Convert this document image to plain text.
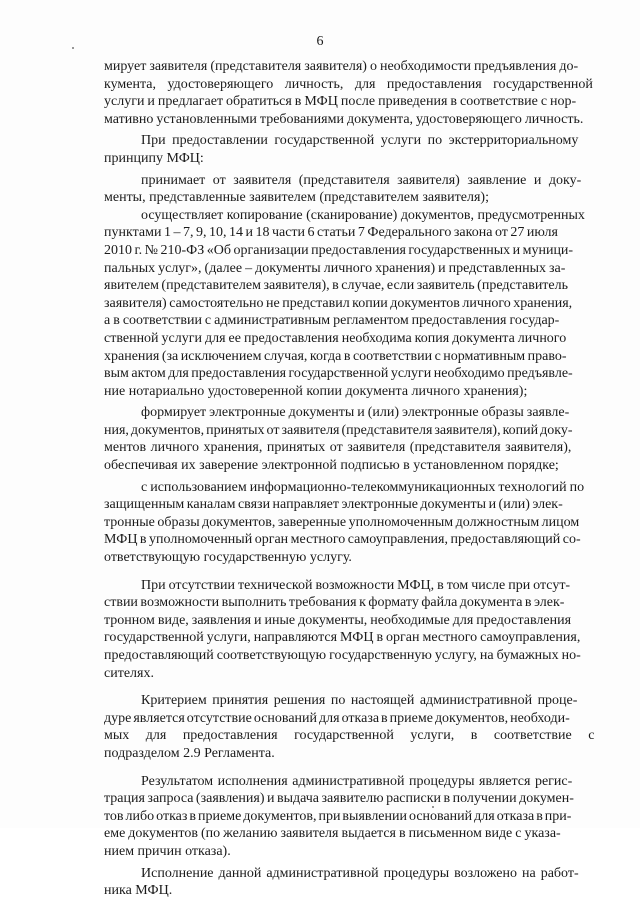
6
мирует заявителя (представителя заявителя) о необходимости предъявления до-
кумента, удостоверяющего личность, для предоставления государственной
услуги и предлагает обратиться в МФЦ после приведения в соответствие с нор-
мативно установленными требованиями документа, удостоверяющего личность.
При предоставлении государственной услуги по экстерриториальному
принципу МФЦ:
принимает от заявителя (представителя заявителя) заявление и доку-
менты, представленные заявителем (представителем заявителя);
осуществляет копирование (сканирование) документов, предусмотренных
пунктами 1 – 7, 9, 10, 14 и 18 части 6 статьи 7 Федерального закона от 27 июля
2010 г. № 210-ФЗ «Об организации предоставления государственных и муници-
пальных услуг», (далее – документы личного хранения) и представленных за-
явителем (представителем заявителя), в случае, если заявитель (представитель
заявителя) самостоятельно не представил копии документов личного хранения,
а в соответствии с административным регламентом предоставления государ-
ственной услуги для ее предоставления необходима копия документа личного
хранения (за исключением случая, когда в соответствии с нормативным право-
вым актом для предоставления государственной услуги необходимо предъявле-
ние нотариально удостоверенной копии документа личного хранения);
формирует электронные документы и (или) электронные образы заявле-
ния, документов, принятых от заявителя (представителя заявителя), копий доку-
ментов личного хранения, принятых от заявителя (представителя заявителя),
обеспечивая их заверение электронной подписью в установленном порядке;
с использованием информационно-телекоммуникационных технологий по
защищенным каналам связи направляет электронные документы и (или) элек-
тронные образы документов, заверенные уполномоченным должностным лицом
МФЦ в уполномоченный орган местного самоуправления, предоставляющий со-
ответствующую государственную услугу.
При отсутствии технической возможности МФЦ, в том числе при отсут-
ствии возможности выполнить требования к формату файла документа в элек-
тронном виде, заявления и иные документы, необходимые для предоставления
государственной услуги, направляются МФЦ в орган местного самоуправления,
предоставляющий соответствующую государственную услугу, на бумажных но-
сителях.
Критерием принятия решения по настоящей административной проце-
дуре является отсутствие оснований для отказа в приеме документов, необходи-
мых для предоставления государственной услуги, в соответствие с
подразделом 2.9 Регламента.
Результатом исполнения административной процедуры является регис-
трация запроса (заявления) и выдача заявителю расписки в получении докумен-
тов либо отказ в приеме документов, при выявлении оснований для отказа в при-
еме документов (по желанию заявителя выдается в письменном виде с указа-
нием причин отказа).
Исполнение данной административной процедуры возложено на работ-
ника МФЦ.
